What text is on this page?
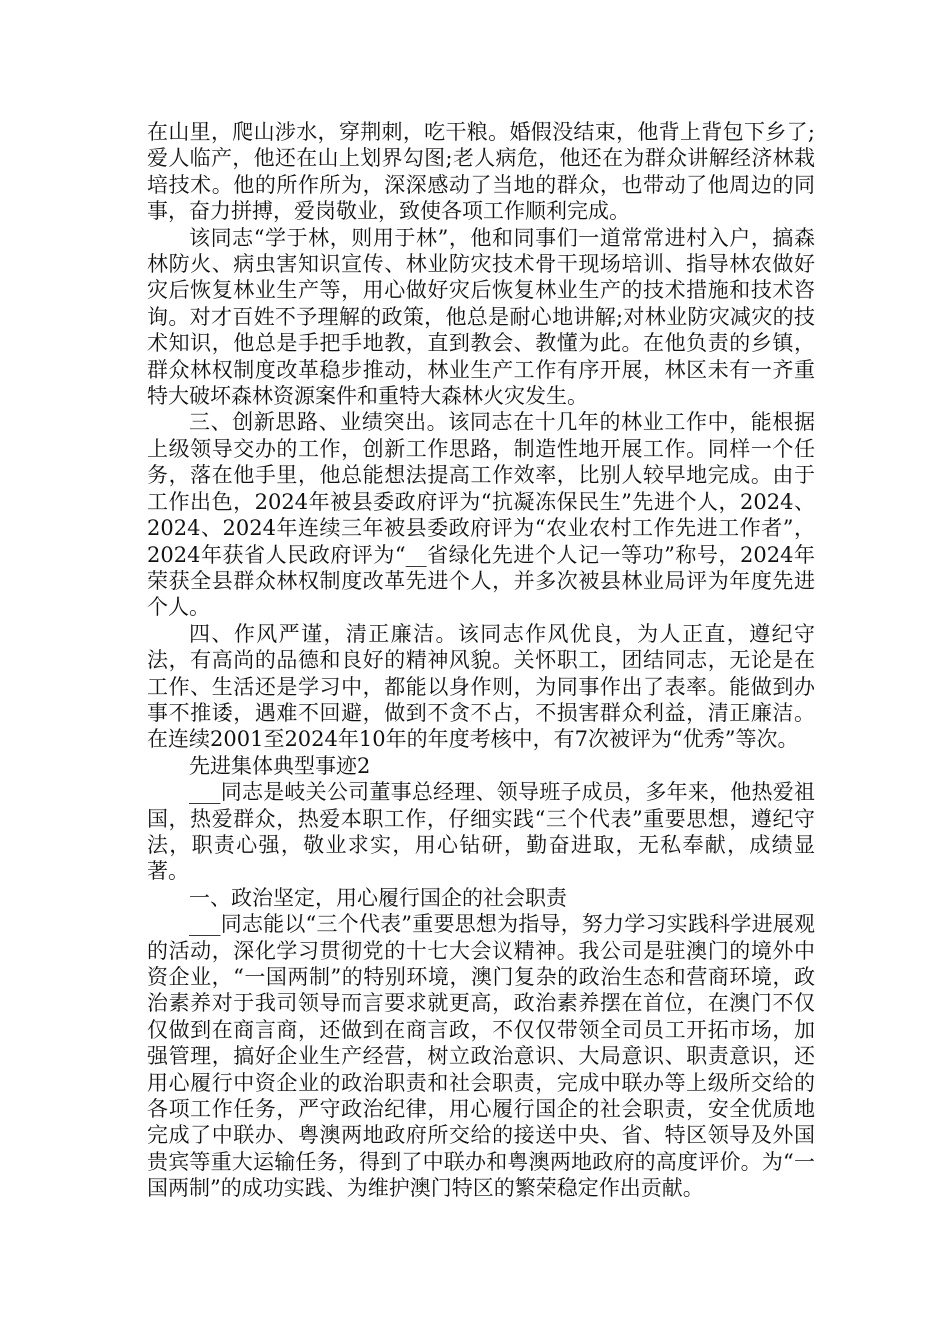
在山里，爬山涉水，穿荆刺，吃干粮。婚假没结束，他背上背包下乡了;爱人临产，他还在山上划界勾图;老人病危，他还在为群众讲解经济林栽培技术。他的所作所为，深深感动了当地的群众，也带动了他周边的同事，奋力拼搏，爱岗敬业，致使各项工作顺利完成。

该同志“学于林，则用于林”，他和同事们一道常常进村入户，搞森林防火、病虫害知识宣传、林业防灾技术骨干现场培训、指导林农做好灾后恢复林业生产等，用心做好灾后恢复林业生产的技术措施和技术咨询。对才百姓不予理解的政策，他总是耐心地讲解;对林业防灾减灾的技术知识，他总是手把手地教，直到教会、教懂为此。在他负责的乡镇，群众林权制度改革稳步推动，林业生产工作有序开展，林区未有一齐重特大破坏森林资源案件和重特大森林火灾发生。

三、创新思路、业绩突出。该同志在十几年的林业工作中，能根据上级领导交办的工作，创新工作思路，制造性地开展工作。同样一个任务，落在他手里，他总能想法提高工作效率，比别人较早地完成。由于工作出色，2024年被县委政府评为“抗凝冻保民生”先进个人，2024、2024、2024年连续三年被县委政府评为“农业农村工作先进工作者”，2024年获省人民政府评为“__省绿化先进个人记一等功”称号，2024年荣获全县群众林权制度改革先进个人，并多次被县林业局评为年度先进个人。

四、作风严谨，清正廉洁。该同志作风优良，为人正直，遵纪守法，有高尚的品德和良好的精神风貌。关怀职工，团结同志，无论是在工作、生活还是学习中，都能以身作则，为同事作出了表率。能做到办事不推诿，遇难不回避，做到不贪不占，不损害群众利益，清正廉洁。在连续2001至2024年10年的年度考核中，有7次被评为“优秀”等次。

先进集体典型事迹2

___同志是岐关公司董事总经理、领导班子成员，多年来，他热爱祖国，热爱群众，热爱本职工作，仔细实践“三个代表”重要思想，遵纪守法，职责心强，敬业求实，用心钻研，勤奋进取，无私奉献，成绩显著。

一、政治坚定，用心履行国企的社会职责

___同志能以“三个代表”重要思想为指导，努力学习实践科学进展观的活动，深化学习贯彻党的十七大会议精神。我公司是驻澳门的境外中资企业，“一国两制”的特别环境，澳门复杂的政治生态和营商环境，政治素养对于我司领导而言要求就更高，政治素养摆在首位，在澳门不仅仅做到在商言商，还做到在商言政，不仅仅带领全司员工开拓市场，加强管理，搞好企业生产经营，树立政治意识、大局意识、职责意识，还用心履行中资企业的政治职责和社会职责，完成中联办等上级所交给的各项工作任务，严守政治纪律，用心履行国企的社会职责，安全优质地完成了中联办、粤澳两地政府所交给的接送中央、省、特区领导及外国贵宾等重大运输任务，得到了中联办和粤澳两地政府的高度评价。为“一国两制”的成功实践、为维护澳门特区的繁荣稳定作出贡献。
